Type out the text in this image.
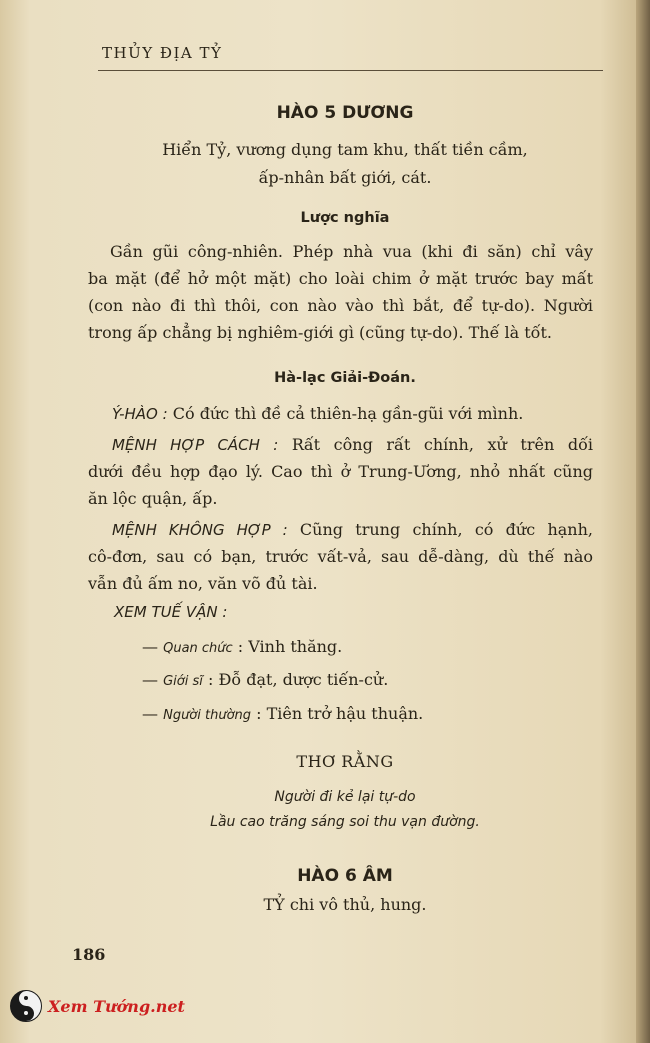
THỦY ĐỊA TỶ
HÀO 5 DƯƠNG
Hiển Tỷ, vương dụng tam khu, thất tiền cầm,
ấp-nhân bất giới, cát.
Lược nghĩa
Gần gũi công-nhiên. Phép nhà vua (khi đi săn) chỉ vây
ba mặt (để hở một mặt) cho loài chim ở mặt trước bay mất
(con nào đi thì thôi, con nào vào thì bắt, để tự-do). Người
trong ấp chẳng bị nghiêm-giới gì (cũng tự-do). Thế là tốt.
Hà-lạc Giải-Đoán.
Ý-HÀO : Có đức thì đề cả thiên-hạ gần-gũi với mình.
MỆNH HỢP CÁCH : Rất công rất chính, xử trên dối
dưới đều hợp đạo lý. Cao thì ở Trung-Ương, nhỏ nhất cũng
ăn lộc quận, ấp.
MỆNH KHÔNG HỢP : Cũng trung chính, có đức hạnh,
cô-đơn, sau có bạn, trước vất-vả, sau dễ-dàng, dù thế nào
vẫn đủ ấm no, văn võ đủ tài.
XEM TUẾ VẬN :
— Quan chức : Vinh thăng.
— Giới sĩ : Đỗ đạt, dược tiến-cử.
— Người thường : Tiên trở hậu thuận.
THƠ RẰNG
Người đi kẻ lại tự-do
Lầu cao trăng sáng soi thu vạn đường.
HÀO 6 ÂM
TỶ chi vô thủ, hung.
186
Xem Tướng.net
